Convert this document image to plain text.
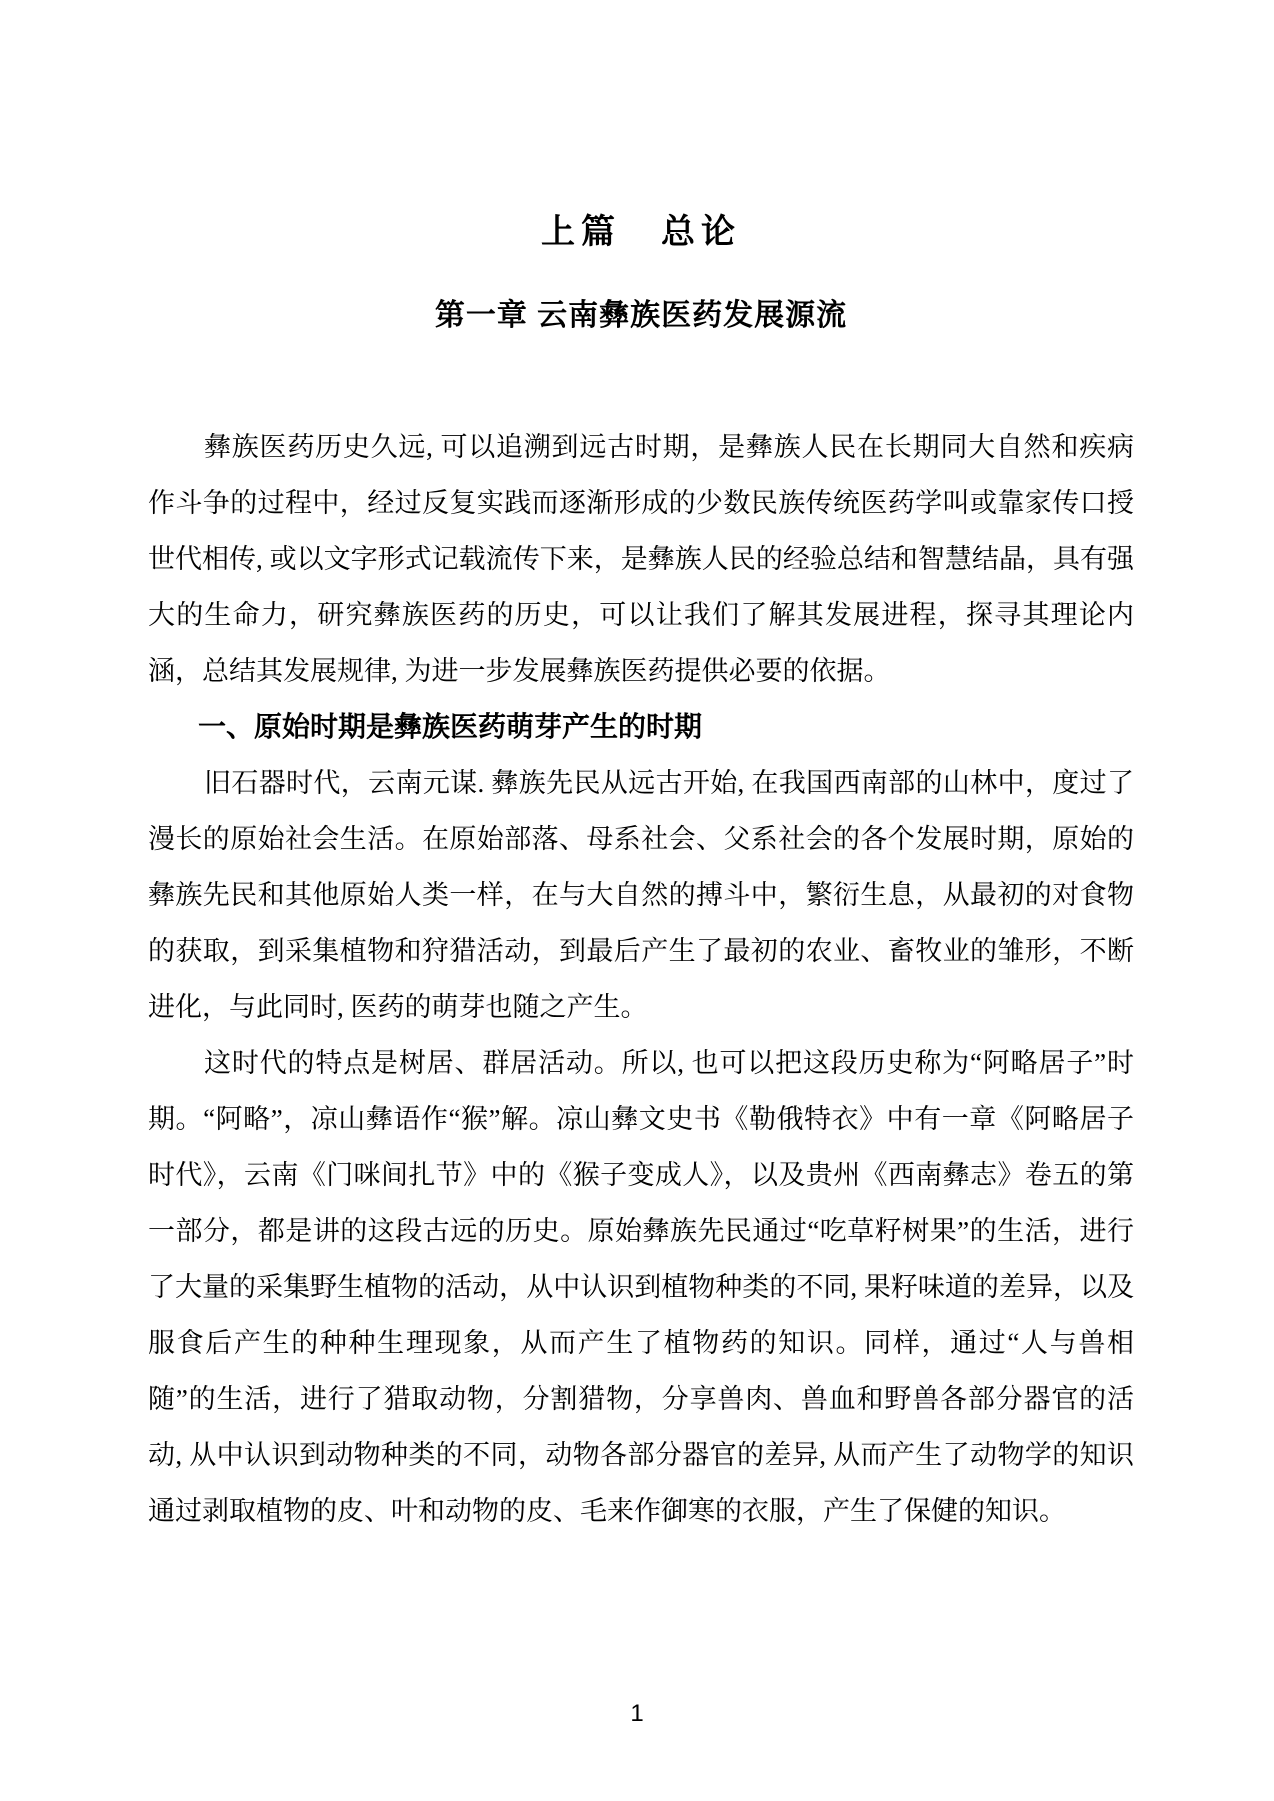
上篇　总论
第一章 云南彝族医药发展源流

彝族医药历史久远, 可以追溯到远古时期，是彝族人民在长期同大自然和疾病作斗争的过程中，经过反复实践而逐渐形成的少数民族传统医药学叫或靠家传口授世代相传, 或以文字形式记载流传下来，是彝族人民的经验总结和智慧结晶，具有强大的生命力，研究彝族医药的历史，可以让我们了解其发展进程，探寻其理论内涵，总结其发展规律, 为进一步发展彝族医药提供必要的依据。

一、原始时期是彝族医药萌芽产生的时期

旧石器时代，云南元谋. 彝族先民从远古开始, 在我国西南部的山林中，度过了漫长的原始社会生活。在原始部落、母系社会、父系社会的各个发展时期，原始的彝族先民和其他原始人类一样，在与大自然的搏斗中，繁衍生息，从最初的对食物的获取，到采集植物和狩猎活动，到最后产生了最初的农业、畜牧业的雏形，不断进化，与此同时, 医药的萌芽也随之产生。

这时代的特点是树居、群居活动。所以, 也可以把这段历史称为“阿略居子”时期。“阿略”，凉山彝语作“猴”解。凉山彝文史书《勒俄特衣》中有一章《阿略居子时代》，云南《门咪间扎节》中的《猴子变成人》，以及贵州《西南彝志》卷五的第一部分，都是讲的这段古远的历史。原始彝族先民通过“吃草籽树果”的生活，进行了大量的采集野生植物的活动，从中认识到植物种类的不同, 果籽味道的差异，以及服食后产生的种种生理现象，从而产生了植物药的知识。同样，通过“人与兽相随”的生活，进行了猎取动物，分割猎物，分享兽肉、兽血和野兽各部分器官的活动, 从中认识到动物种类的不同，动物各部分器官的差异, 从而产生了动物学的知识通过剥取植物的皮、叶和动物的皮、毛来作御寒的衣服，产生了保健的知识。

1
